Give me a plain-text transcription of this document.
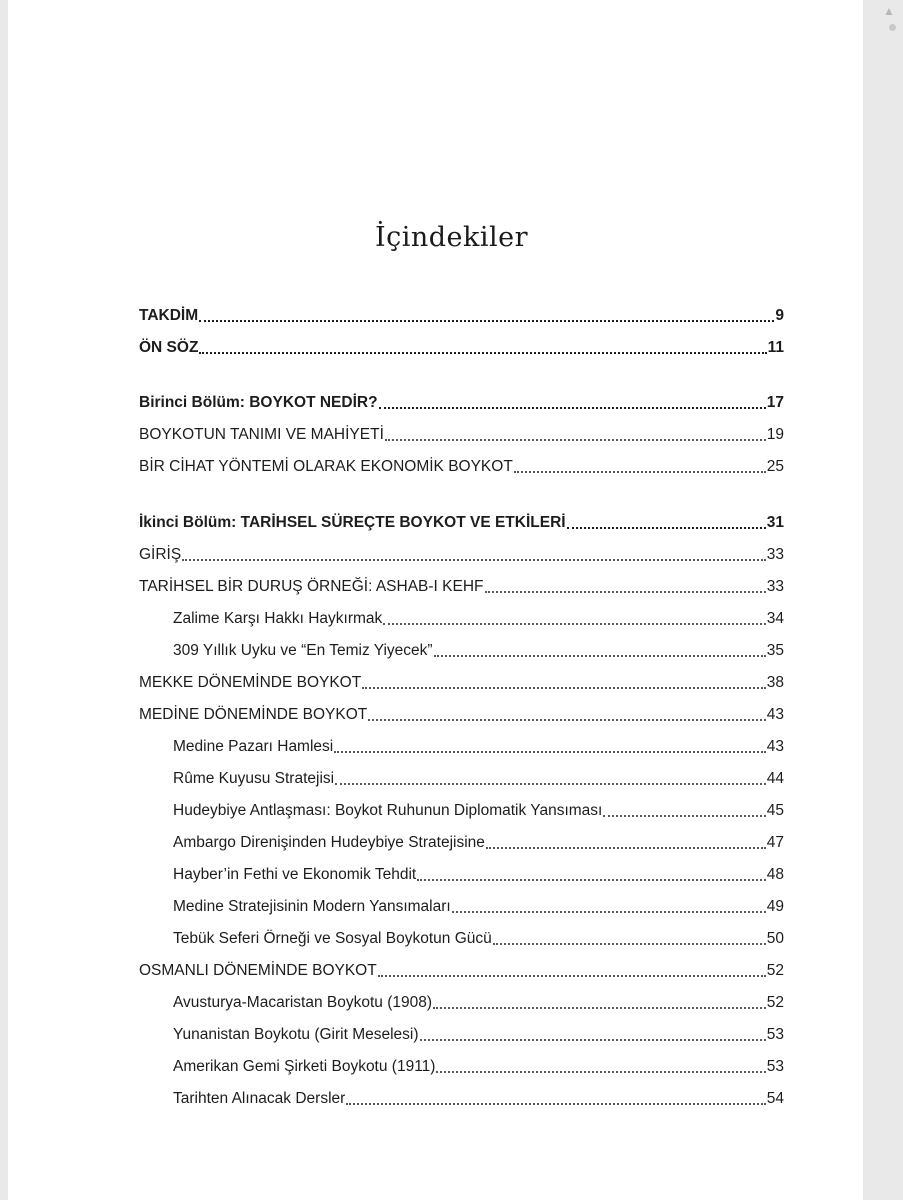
▲
İçindekiler
TAKDİM	9
ÖN SÖZ	11
Birinci Bölüm: BOYKOT NEDİR?	17
BOYKOTUN TANIMI VE MAHİYETİ	19
BİR CİHAT YÖNTEMİ OLARAK EKONOMİK BOYKOT	25
İkinci Bölüm: TARİHSEL SÜREÇTE BOYKOT VE ETKİLERİ	31
GİRİŞ	33
TARİHSEL BİR DURUŞ ÖRNEĞİ: ASHAB-I KEHF	33
Zalime Karşı Hakkı Haykırmak	34
309 Yıllık Uyku ve “En Temiz Yiyecek”	35
MEKKE DÖNEMİNDE BOYKOT	38
MEDİNE DÖNEMİNDE BOYKOT	43
Medine Pazarı Hamlesi	43
Rûme Kuyusu Stratejisi	44
Hudeybiye Antlaşması: Boykot Ruhunun Diplomatik Yansıması	45
Ambargo Direnişinden Hudeybiye Stratejisine	47
Hayber’in Fethi ve Ekonomik Tehdit	48
Medine Stratejisinin Modern Yansımaları	49
Tebük Seferi Örneği ve Sosyal Boykotun Gücü	50
OSMANLI DÖNEMİNDE BOYKOT	52
Avusturya-Macaristan Boykotu (1908)	52
Yunanistan Boykotu (Girit Meselesi)	53
Amerikan Gemi Şirketi Boykotu (1911)	53
Tarihten Alınacak Dersler	54
